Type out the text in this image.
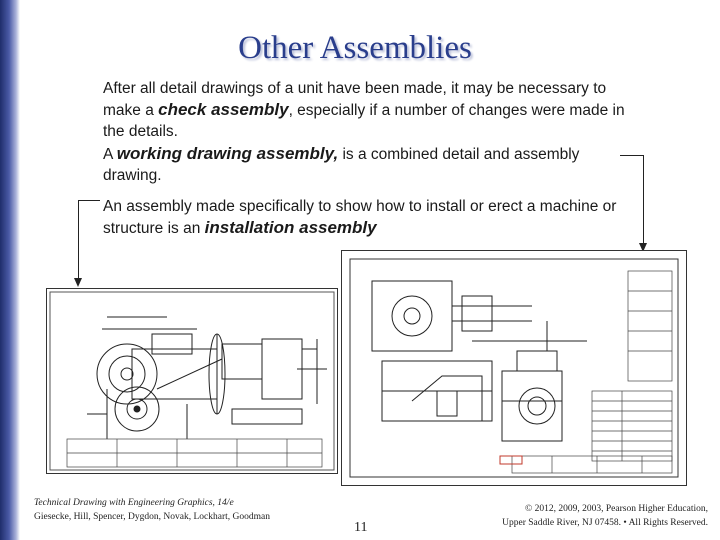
Other Assemblies
After all detail drawings of a unit have been made, it may be necessary to make a check assembly, especially if a number of changes were made in the details.
A working drawing assembly, is a combined detail and assembly drawing.
An assembly made specifically to show how to install or erect a machine or structure is an installation assembly
Technical Drawing with Engineering Graphics, 14/e
Giesecke, Hill, Spencer, Dygdon, Novak, Lockhart, Goodman
11
© 2012, 2009, 2003, Pearson Higher Education,
Upper Saddle River, NJ 07458. • All Rights Reserved.
